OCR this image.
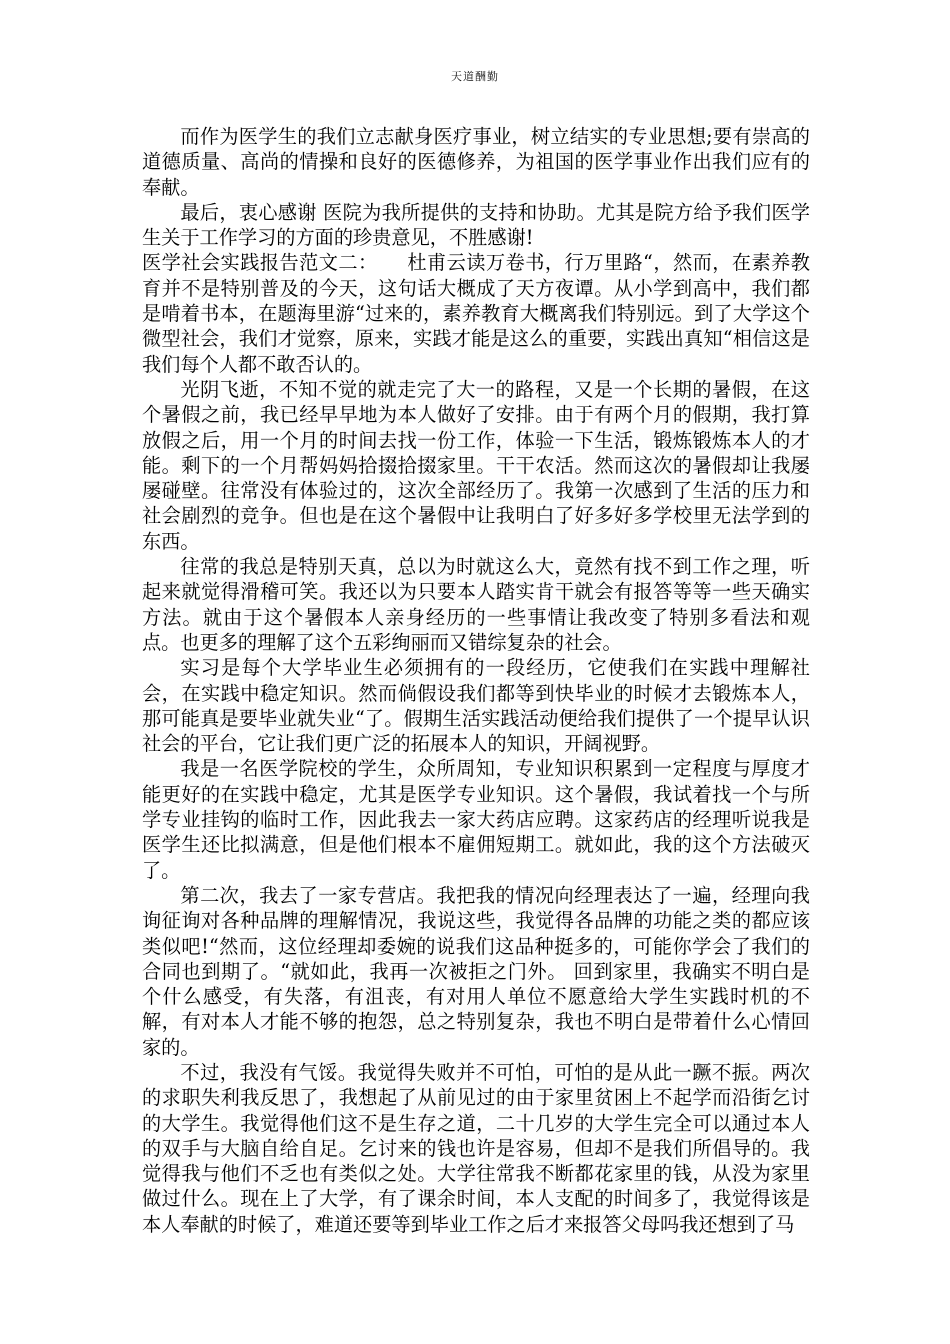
天道酬勤

而作为医学生的我们立志献身医疗事业，树立结实的专业思想;要有崇高的道德质量、高尚的情操和良好的医德修养，为祖国的医学事业作出我们应有的奉献。

最后，衷心感谢 医院为我所提供的支持和协助。尤其是院方给予我们医学生关于工作学习的方面的珍贵意见，不胜感谢!

医学社会实践报告范文二：　　杜甫云读万卷书，行万里路“，然而，在素养教育并不是特别普及的今天，这句话大概成了天方夜谭。从小学到高中，我们都是啃着书本，在题海里游“过来的，素养教育大概离我们特别远。到了大学这个微型社会，我们才觉察，原来，实践才能是这么的重要，实践出真知“相信这是我们每个人都不敢否认的。

光阴飞逝，不知不觉的就走完了大一的路程，又是一个长期的暑假，在这个暑假之前，我已经早早地为本人做好了安排。由于有两个月的假期，我打算放假之后，用一个月的时间去找一份工作，体验一下生活，锻炼锻炼本人的才能。剩下的一个月帮妈妈拾掇拾掇家里。干干农活。然而这次的暑假却让我屡屡碰壁。往常没有体验过的，这次全部经历了。我第一次感到了生活的压力和社会剧烈的竞争。但也是在这个暑假中让我明白了好多好多学校里无法学到的东西。

往常的我总是特别天真，总以为时就这么大，竟然有找不到工作之理，听起来就觉得滑稽可笑。我还以为只要本人踏实肯干就会有报答等等一些天确实方法。就由于这个暑假本人亲身经历的一些事情让我改变了特别多看法和观点。也更多的理解了这个五彩绚丽而又错综复杂的社会。

实习是每个大学毕业生必须拥有的一段经历，它使我们在实践中理解社会，在实践中稳定知识。然而倘假设我们都等到快毕业的时候才去锻炼本人，那可能真是要毕业就失业“了。假期生活实践活动便给我们提供了一个提早认识社会的平台，它让我们更广泛的拓展本人的知识，开阔视野。

我是一名医学院校的学生，众所周知，专业知识积累到一定程度与厚度才能更好的在实践中稳定，尤其是医学专业知识。这个暑假，我试着找一个与所学专业挂钩的临时工作，因此我去一家大药店应聘。这家药店的经理听说我是医学生还比拟满意，但是他们根本不雇佣短期工。就如此，我的这个方法破灭了。

第二次，我去了一家专营店。我把我的情况向经理表达了一遍，经理向我询征询对各种品牌的理解情况，我说这些，我觉得各品牌的功能之类的都应该类似吧!“然而，这位经理却委婉的说我们这品种挺多的，可能你学会了我们的合同也到期了。“就如此，我再一次被拒之门外。 回到家里，我确实不明白是个什么感受，有失落，有沮丧，有对用人单位不愿意给大学生实践时机的不解，有对本人才能不够的抱怨，总之特别复杂，我也不明白是带着什么心情回家的。

不过，我没有气馁。我觉得失败并不可怕，可怕的是从此一蹶不振。两次的求职失利我反思了，我想起了从前见过的由于家里贫困上不起学而沿街乞讨的大学生。我觉得他们这不是生存之道，二十几岁的大学生完全可以通过本人的双手与大脑自给自足。乞讨来的钱也许是容易，但却不是我们所倡导的。我觉得我与他们不乏也有类似之处。大学往常我不断都花家里的钱，从没为家里做过什么。现在上了大学，有了课余时间，本人支配的时间多了，我觉得该是本人奉献的时候了，难道还要等到毕业工作之后才来报答父母吗我还想到了马
